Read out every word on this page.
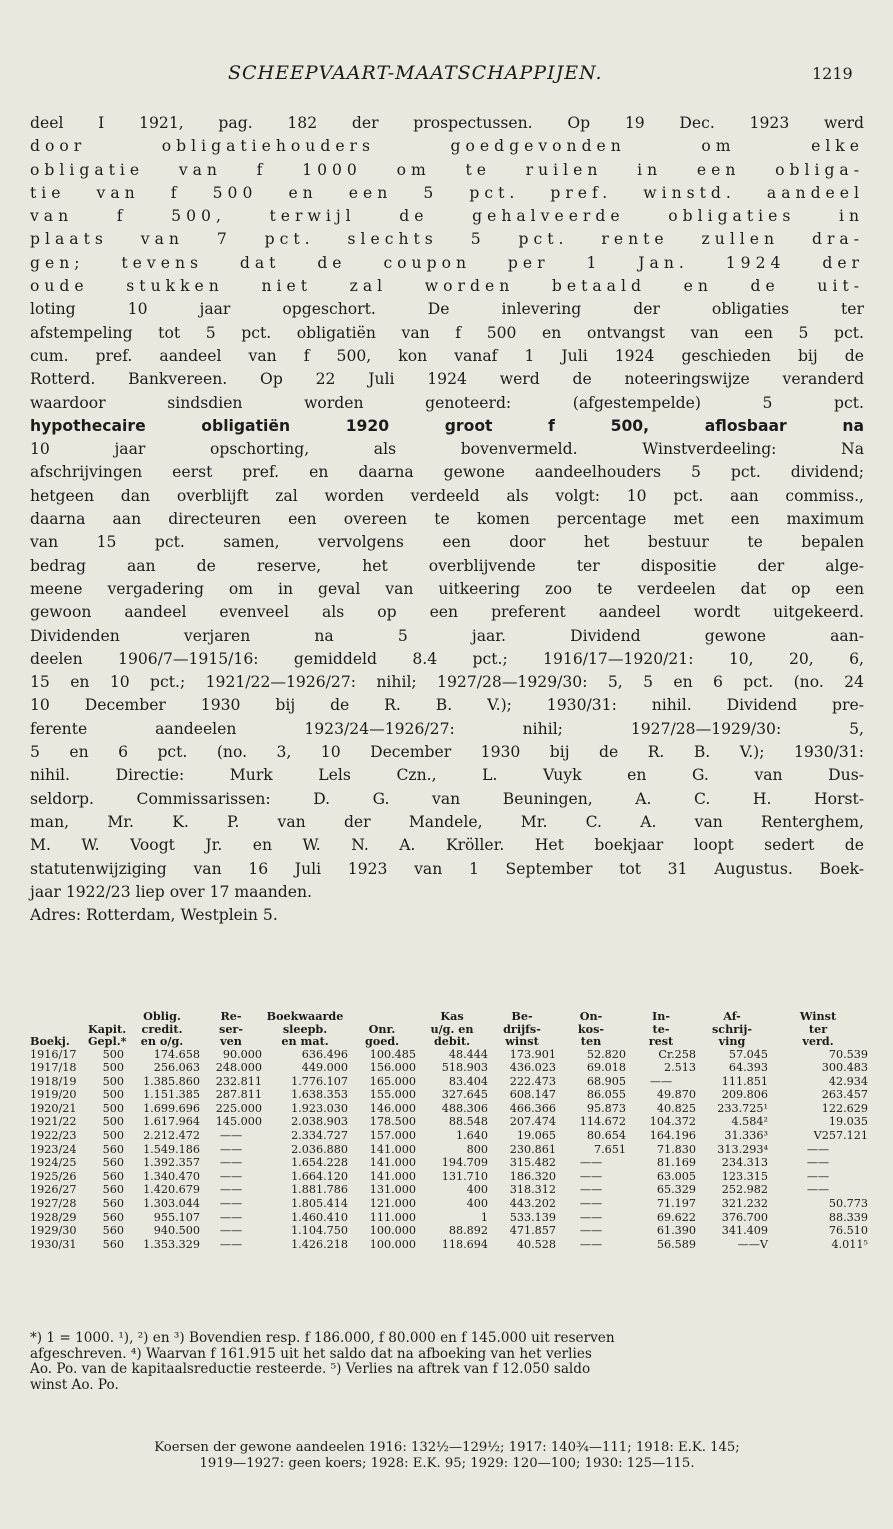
SCHEEPVAART-MAATSCHAPPIJEN.	1219
deel I 1921, pag. 182 der prospectussen. Op 19 Dec. 1923 werd
door obligatiehouders goedgevonden om elke
obligatie van f 1000 om te ruilen in een obliga-
tie van f 500 en een 5 pct. pref. winstd. aandeel
van f 500, terwijl de gehalveerde obligaties in
plaats van 7 pct. slechts 5 pct. rente zullen dra-
gen; tevens dat de coupon per 1 Jan. 1924 der
oude stukken niet zal worden betaald en de uit-
loting 10 jaar opgeschort. De inlevering der obligaties ter
afstempeling tot 5 pct. obligatiën van f 500 en ontvangst van een 5 pct.
cum. pref. aandeel van f 500, kon vanaf 1 Juli 1924 geschieden bij de
Rotterd. Bankvereen. Op 22 Juli 1924 werd de noteeringswijze veranderd
waardoor sindsdien worden genoteerd: (afgestempelde) 5 pct.
hypothecaire obligatiën 1920 groot f 500, aflosbaar na
10 jaar opschorting, als bovenvermeld. Winstverdeeling: Na
afschrijvingen eerst pref. en daarna gewone aandeelhouders 5 pct. dividend;
hetgeen dan overblijft zal worden verdeeld als volgt: 10 pct. aan commiss.,
daarna aan directeuren een overeen te komen percentage met een maximum
van 15 pct. samen, vervolgens een door het bestuur te bepalen
bedrag aan de reserve, het overblijvende ter dispositie der alge-
meene vergadering om in geval van uitkeering zoo te verdeelen dat op een
gewoon aandeel evenveel als op een preferent aandeel wordt uitgekeerd.
Dividenden verjaren na 5 jaar. Dividend gewone aan-
deelen 1906/7—1915/16: gemiddeld 8.4 pct.; 1916/17—1920/21: 10, 20, 6,
15 en 10 pct.; 1921/22—1926/27: nihil; 1927/28—1929/30: 5, 5 en 6 pct. (no. 24
10 December 1930 bij de R. B. V.); 1930/31: nihil. Dividend pre-
ferente aandeelen 1923/24—1926/27: nihil; 1927/28—1929/30: 5,
5 en 6 pct. (no. 3, 10 December 1930 bij de R. B. V.); 1930/31:
nihil. Directie: Murk Lels Czn., L. Vuyk en G. van Dus-
seldorp. Commissarissen: D. G. van Beuningen, A. C. H. Horst-
man, Mr. K. P. van der Mandele, Mr. C. A. van Renterghem,
M. W. Voogt Jr. en W. N. A. Kröller. Het boekjaar loopt sedert de
statutenwijziging van 16 Juli 1923 van 1 September tot 31 Augustus. Boek-
jaar 1922/23 liep over 17 maanden.
Adres: Rotterdam, Westplein 5.
		Oblig.	Re-	Boekwaarde		Kas	Be-	On-	In-	Af-	Winst
	Kapit.	credit.	ser-	sleepb.	Onr.	u/g. en	drijfs-	kos-	te-	schrij-	ter
Boekj.	Gepl.*	en o/g.	ven	en mat.	goed.	debit.	winst	ten	rest	ving	verd.
1916/17	500	174.658	90.000	636.496	100.485	48.444	173.901	52.820	Cr.258	57.045	70.539
1917/18	500	256.063	248.000	449.000	156.000	518.903	436.023	69.018	2.513	64.393	300.483
1918/19	500	1.385.860	232.811	1.776.107	165.000	83.404	222.473	68.905	——	111.851	42.934
1919/20	500	1.151.385	287.811	1.638.353	155.000	327.645	608.147	86.055	49.870	209.806	263.457
1920/21	500	1.699.696	225.000	1.923.030	146.000	488.306	466.366	95.873	40.825	233.725¹	122.629
1921/22	500	1.617.964	145.000	2.038.903	178.500	88.548	207.474	114.672	104.372	4.584²	19.035
1922/23	500	2.212.472	——	2.334.727	157.000	1.640	19.065	80.654	164.196	31.336³	V257.121
1923/24	560	1.549.186	——	2.036.880	141.000	800	230.861	7.651	71.830	313.293⁴	——
1924/25	560	1.392.357	——	1.654.228	141.000	194.709	315.482	——	81.169	234.313	——
1925/26	560	1.340.470	——	1.664.120	141.000	131.710	186.320	——	63.005	123.315	——
1926/27	560	1.420.679	——	1.881.786	131.000	400	318.312	——	65.329	252.982	——
1927/28	560	1.303.044	——	1.805.414	121.000	400	443.202	——	71.197	321.232	50.773
1928/29	560	955.107	——	1.460.410	111.000	1	533.139	——	69.622	376.700	88.339
1929/30	560	940.500	——	1.104.750	100.000	88.892	471.857	——	61.390	341.409	76.510
1930/31	560	1.353.329	——	1.426.218	100.000	118.694	40.528	——	56.589	——V	4.011⁵
*) 1 = 1000. ¹), ²) en ³) Bovendien resp. f 186.000, f 80.000 en f 145.000 uit reserven
afgeschreven. ⁴) Waarvan f 161.915 uit het saldo dat na afboeking van het verlies
Ao. Po. van de kapitaalsreductie resteerde. ⁵) Verlies na aftrek van f 12.050 saldo
winst Ao. Po.
Koersen der gewone aandeelen 1916: 132½—129½; 1917: 140¾—111; 1918: E.K. 145;
1919—1927: geen koers; 1928: E.K. 95; 1929: 120—100; 1930: 125—115.
